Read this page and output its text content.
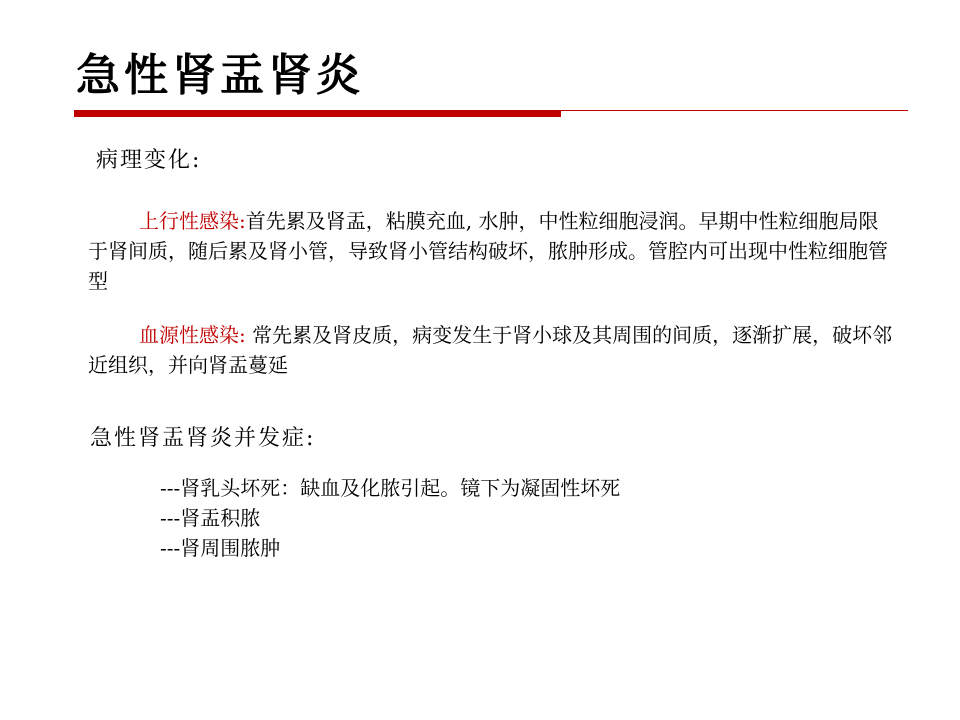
急性肾盂肾炎
病理变化:

上行性感染:首先累及肾盂，粘膜充血, 水肿，中性粒细胞浸润。早期中性粒细胞局限于肾间质，随后累及肾小管，导致肾小管结构破坏，脓肿形成。管腔内可出现中性粒细胞管型

血源性感染: 常先累及肾皮质，病变发生于肾小球及其周围的间质，逐渐扩展，破坏邻近组织，并向肾盂蔓延

急性肾盂肾炎并发症:
---肾乳头坏死：缺血及化脓引起。镜下为凝固性坏死
---肾盂积脓
---肾周围脓肿
